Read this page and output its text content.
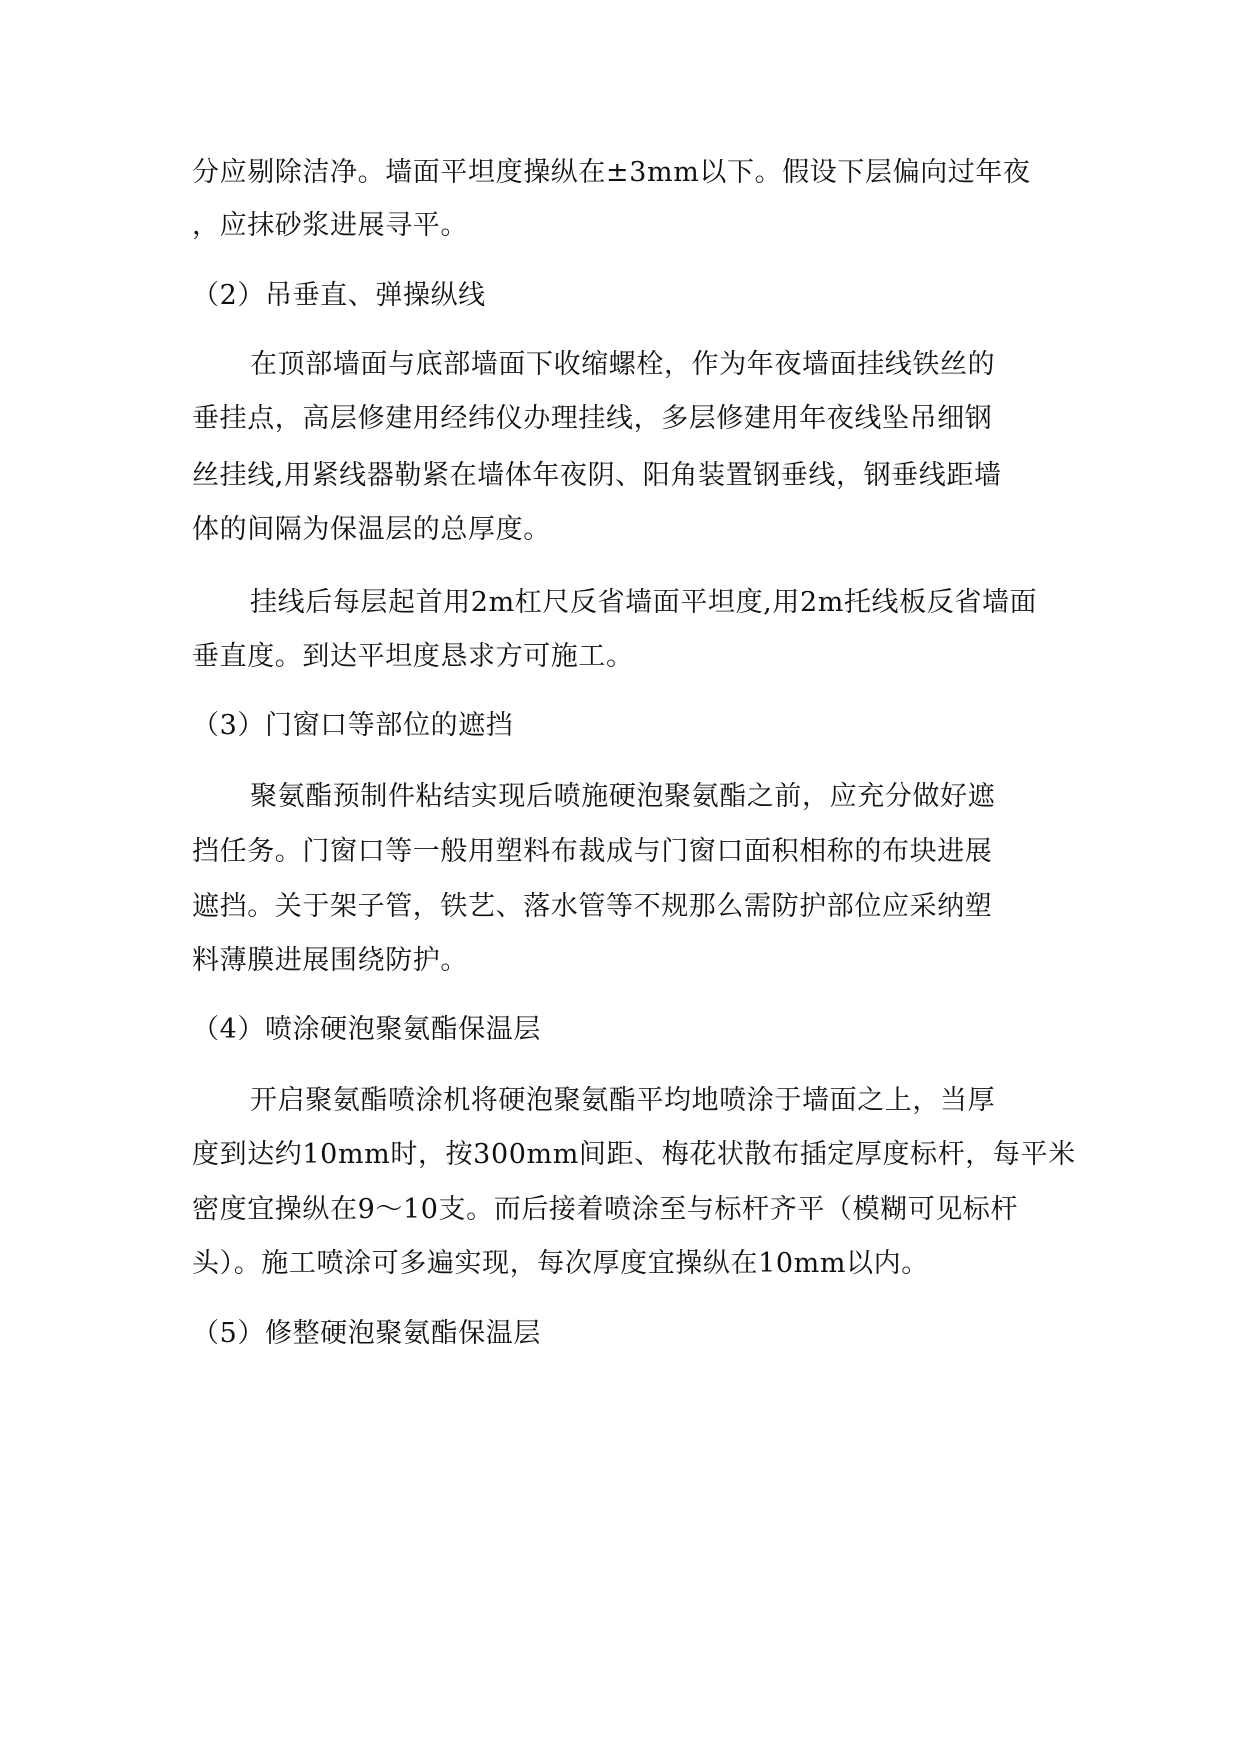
分应剔除洁净。墙面平坦度操纵在±3mm以下。假设下层偏向过年夜
，应抹砂浆进展寻平。
（2）吊垂直、弹操纵线
在顶部墙面与底部墙面下收缩螺栓，作为年夜墙面挂线铁丝的
垂挂点，高层修建用经纬仪办理挂线，多层修建用年夜线坠吊细钢
丝挂线,用紧线器勒紧在墙体年夜阴、阳角装置钢垂线，钢垂线距墙
体的间隔为保温层的总厚度。
挂线后每层起首用2m杠尺反省墙面平坦度,用2m托线板反省墙面
垂直度。到达平坦度恳求方可施工。
（3）门窗口等部位的遮挡
聚氨酯预制件粘结实现后喷施硬泡聚氨酯之前，应充分做好遮
挡任务。门窗口等一般用塑料布裁成与门窗口面积相称的布块进展
遮挡。关于架子管，铁艺、落水管等不规那么需防护部位应采纳塑
料薄膜进展围绕防护。
（4）喷涂硬泡聚氨酯保温层
开启聚氨酯喷涂机将硬泡聚氨酯平均地喷涂于墙面之上，当厚
度到达约10mm时，按300mm间距、梅花状散布插定厚度标杆，每平米
密度宜操纵在9～10支。而后接着喷涂至与标杆齐平（模糊可见标杆
头）。施工喷涂可多遍实现，每次厚度宜操纵在10mm以内。
（5）修整硬泡聚氨酯保温层
